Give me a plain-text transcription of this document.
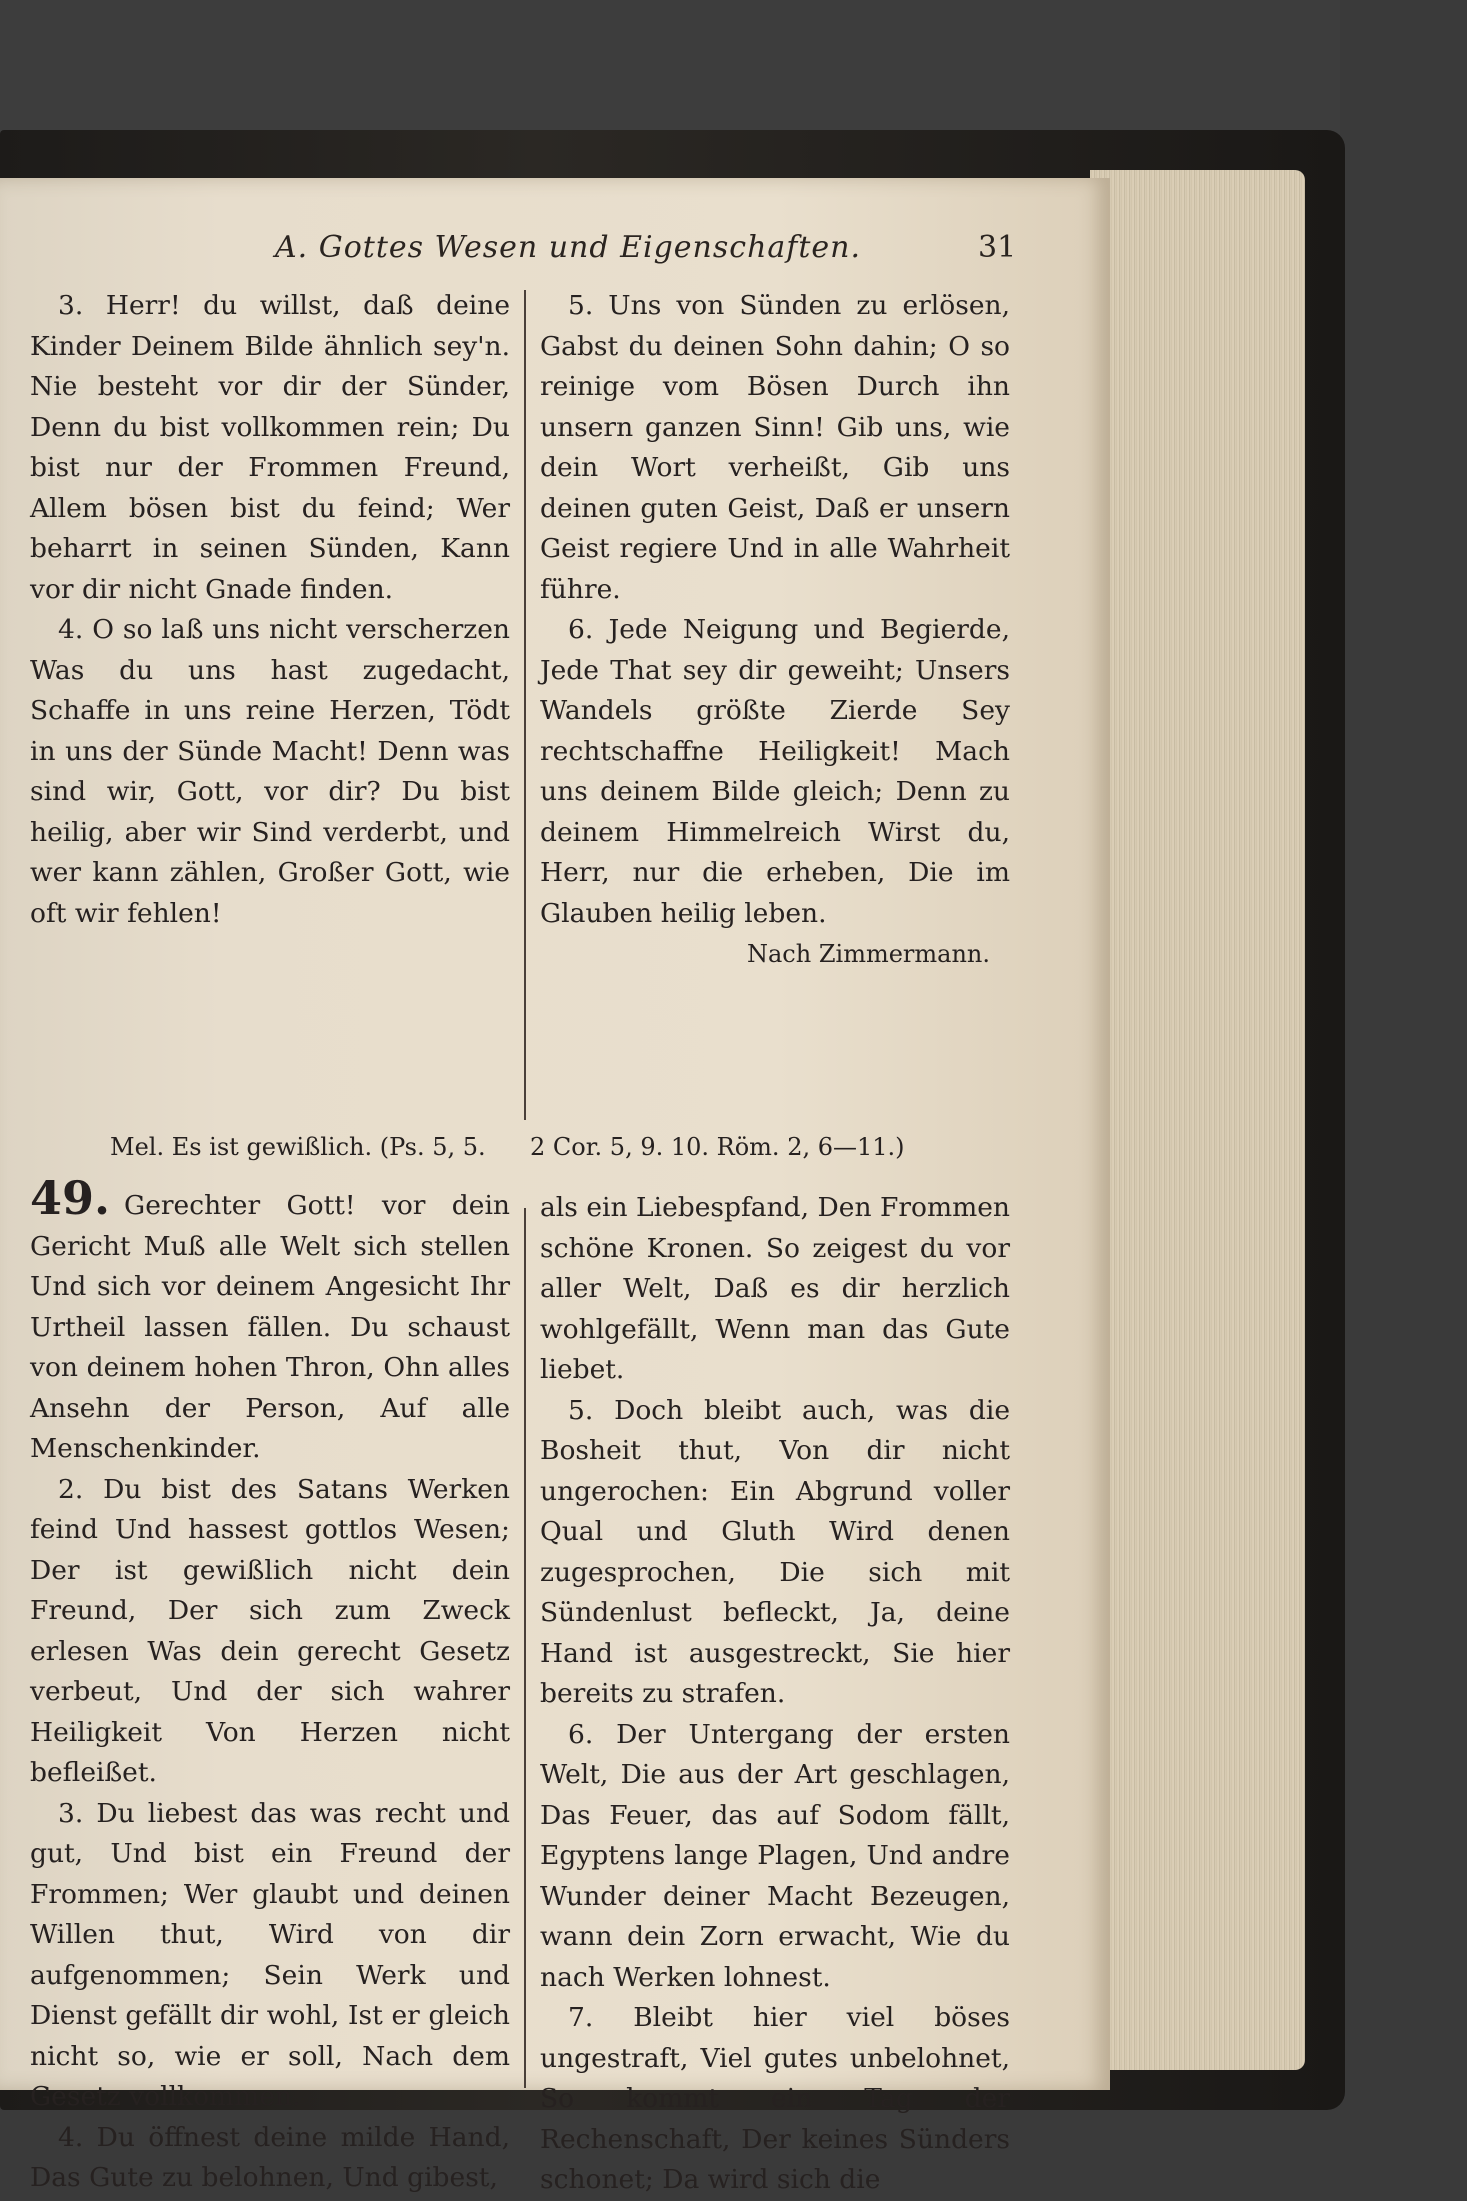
A. Gottes Wesen und Eigenschaften.	31

3. Herr! du willst, daß deine Kinder Deinem Bilde ähnlich sey'n. Nie besteht vor dir der Sünder, Denn du bist vollkommen rein; Du bist nur der Frommen Freund, Allem bösen bist du feind; Wer beharrt in seinen Sünden, Kann vor dir nicht Gnade finden.

4. O so laß uns nicht verscherzen Was du uns hast zugedacht, Schaffe in uns reine Herzen, Tödt in uns der Sünde Macht! Denn was sind wir, Gott, vor dir? Du bist heilig, aber wir Sind verderbt, und wer kann zählen, Großer Gott, wie oft wir fehlen!

5. Uns von Sünden zu erlösen, Gabst du deinen Sohn dahin; O so reinige vom Bösen Durch ihn unsern ganzen Sinn! Gib uns, wie dein Wort verheißt, Gib uns deinen guten Geist, Daß er unsern Geist regiere Und in alle Wahrheit führe.

6. Jede Neigung und Begierde, Jede That sey dir geweiht; Unsers Wandels größte Zierde Sey rechtschaffne Heiligkeit! Mach uns deinem Bilde gleich; Denn zu deinem Himmelreich Wirst du, Herr, nur die erheben, Die im Glauben heilig leben.

Nach Zimmermann.

Mel. Es ist gewißlich. (Ps. 5, 5. 2 Cor. 5, 9. 10. Röm. 2, 6—11.)

49. Gerechter Gott! vor dein Gericht Muß alle Welt sich stellen Und sich vor deinem Angesicht Ihr Urtheil lassen fällen. Du schaust von deinem hohen Thron, Ohn alles Ansehn der Person, Auf alle Menschenkinder.

2. Du bist des Satans Werken feind Und hassest gottlos Wesen; Der ist gewißlich nicht dein Freund, Der sich zum Zweck erlesen Was dein gerecht Gesetz verbeut, Und der sich wahrer Heiligkeit Von Herzen nicht befleißet.

3. Du liebest das was recht und gut, Und bist ein Freund der Frommen; Wer glaubt und deinen Willen thut, Wird von dir aufgenommen; Sein Werk und Dienst gefällt dir wohl, Ist er gleich nicht so, wie er soll, Nach dem Gesetz vollkommen.

4. Du öffnest deine milde Hand, Das Gute zu belohnen, Und gibest,

als ein Liebespfand, Den Frommen schöne Kronen. So zeigest du vor aller Welt, Daß es dir herzlich wohlgefällt, Wenn man das Gute liebet.

5. Doch bleibt auch, was die Bosheit thut, Von dir nicht ungerochen: Ein Abgrund voller Qual und Gluth Wird denen zugesprochen, Die sich mit Sündenlust befleckt, Ja, deine Hand ist ausgestreckt, Sie hier bereits zu strafen.

6. Der Untergang der ersten Welt, Die aus der Art geschlagen, Das Feuer, das auf Sodom fällt, Egyptens lange Plagen, Und andre Wunder deiner Macht Bezeugen, wann dein Zorn erwacht, Wie du nach Werken lohnest.

7. Bleibt hier viel böses ungestraft, Viel gutes unbelohnet, So kommt ein Tag der Rechenschaft, Der keines Sünders schonet; Da wird sich die
